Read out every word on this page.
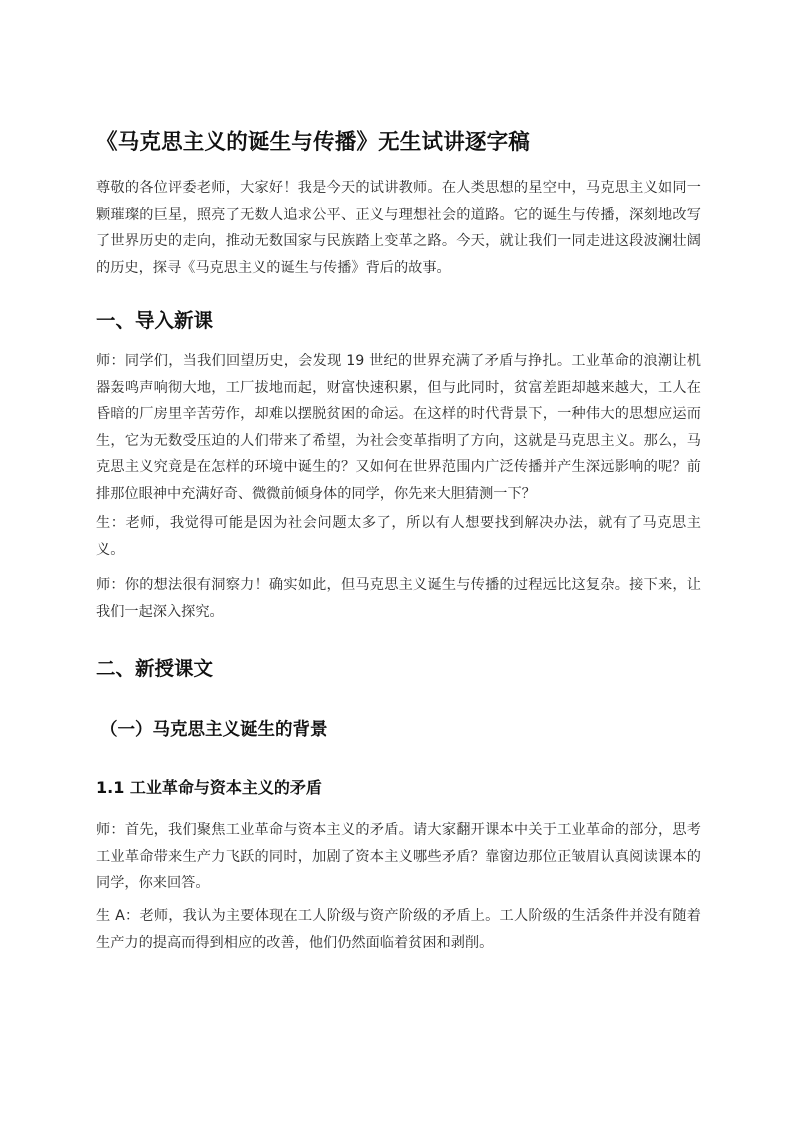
《马克思主义的诞生与传播》无生试讲逐字稿

尊敬的各位评委老师，大家好！我是今天的试讲教师。在人类思想的星空中，马克思主义如同一颗璀璨的巨星，照亮了无数人追求公平、正义与理想社会的道路。它的诞生与传播，深刻地改写了世界历史的走向，推动无数国家与民族踏上变革之路。今天，就让我们一同走进这段波澜壮阔的历史，探寻《马克思主义的诞生与传播》背后的故事。

一、导入新课

师：同学们，当我们回望历史，会发现 19 世纪的世界充满了矛盾与挣扎。工业革命的浪潮让机器轰鸣声响彻大地，工厂拔地而起，财富快速积累，但与此同时，贫富差距却越来越大，工人在昏暗的厂房里辛苦劳作，却难以摆脱贫困的命运。在这样的时代背景下，一种伟大的思想应运而生，它为无数受压迫的人们带来了希望，为社会变革指明了方向，这就是马克思主义。那么，马克思主义究竟是在怎样的环境中诞生的？又如何在世界范围内广泛传播并产生深远影响的呢？前排那位眼神中充满好奇、微微前倾身体的同学，你先来大胆猜测一下？

生：老师，我觉得可能是因为社会问题太多了，所以有人想要找到解决办法，就有了马克思主义。

师：你的想法很有洞察力！确实如此，但马克思主义诞生与传播的过程远比这复杂。接下来，让我们一起深入探究。

二、新授课文
（一）马克思主义诞生的背景
1.1 工业革命与资本主义的矛盾

师：首先，我们聚焦工业革命与资本主义的矛盾。请大家翻开课本中关于工业革命的部分，思考工业革命带来生产力飞跃的同时，加剧了资本主义哪些矛盾？靠窗边那位正皱眉认真阅读课本的同学，你来回答。

生 A：老师，我认为主要体现在工人阶级与资产阶级的矛盾上。工人阶级的生活条件并没有随着生产力的提高而得到相应的改善，他们仍然面临着贫困和剥削。
